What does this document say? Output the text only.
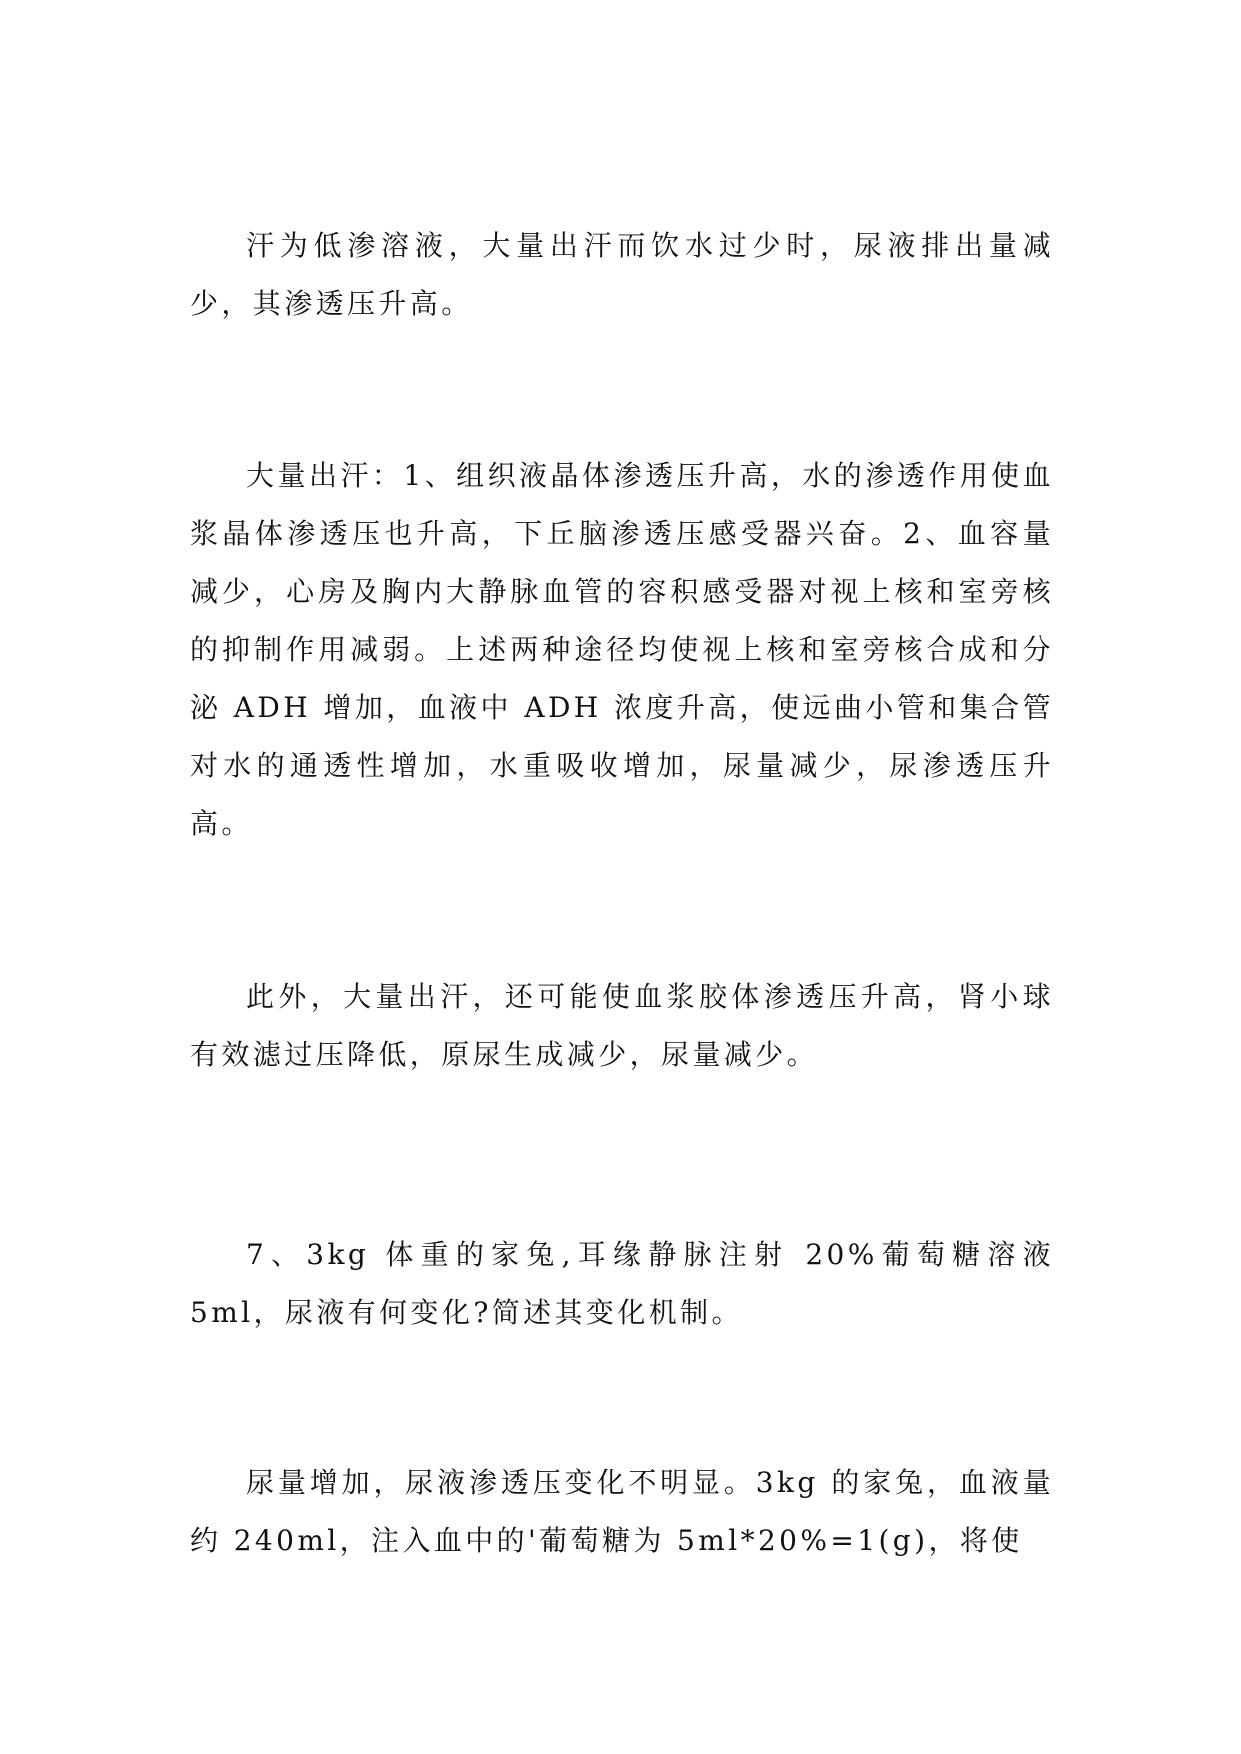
汗为低渗溶液，大量出汗而饮水过少时，尿液排出量减少，其渗透压升高。

大量出汗：1、组织液晶体渗透压升高，水的渗透作用使血浆晶体渗透压也升高，下丘脑渗透压感受器兴奋。2、血容量减少，心房及胸内大静脉血管的容积感受器对视上核和室旁核的抑制作用减弱。上述两种途径均使视上核和室旁核合成和分泌 ADH 增加，血液中 ADH 浓度升高，使远曲小管和集合管对水的通透性增加，水重吸收增加，尿量减少，尿渗透压升高。

此外，大量出汗，还可能使血浆胶体渗透压升高，肾小球有效滤过压降低，原尿生成减少，尿量减少。

7、3kg 体重的家兔,耳缘静脉注射 20%葡萄糖溶液 5ml，尿液有何变化?简述其变化机制。

尿量增加，尿液渗透压变化不明显。3kg 的家兔，血液量约 240ml，注入血中的'葡萄糖为 5ml*20%=1(g)，将使
